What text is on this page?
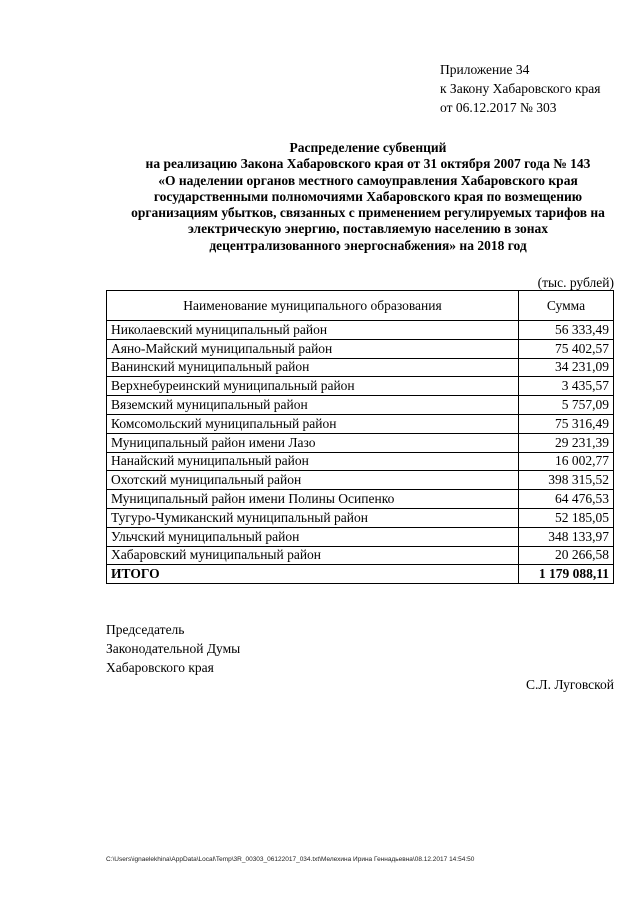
Приложение 34
к Закону Хабаровского края
от 06.12.2017 № 303
Распределение субвенций
на реализацию Закона Хабаровского края от 31 октября 2007 года № 143
«О наделении органов местного самоуправления Хабаровского края
государственными полномочиями Хабаровского края по возмещению
организациям убытков, связанных с применением регулируемых тарифов на
электрическую энергию, поставляемую населению в зонах
децентрализованного энергоснабжения» на 2018 год
(тыс. рублей)
Наименование муниципального образования	Сумма
Николаевский муниципальный район	56 333,49
Аяно-Майский муниципальный район	75 402,57
Ванинский муниципальный район	34 231,09
Верхнебуреинский муниципальный район	3 435,57
Вяземский муниципальный район	5 757,09
Комсомольский муниципальный район	75 316,49
Муниципальный район имени Лазо	29 231,39
Нанайский муниципальный район	16 002,77
Охотский муниципальный район	398 315,52
Муниципальный район имени Полины Осипенко	64 476,53
Тугуро-Чумиканский муниципальный район	52 185,05
Ульчский муниципальный район	348 133,97
Хабаровский муниципальный район	20 266,58
ИТОГО	1 179 088,11
Председатель
Законодательной Думы
Хабаровского края
С.Л. Луговской
C:\Users\ignaelekhina\AppData\Local\Temp\3R_00303_06122017_034.txt\Мелехина Ирина Геннадьевна\08.12.2017 14:54:50
